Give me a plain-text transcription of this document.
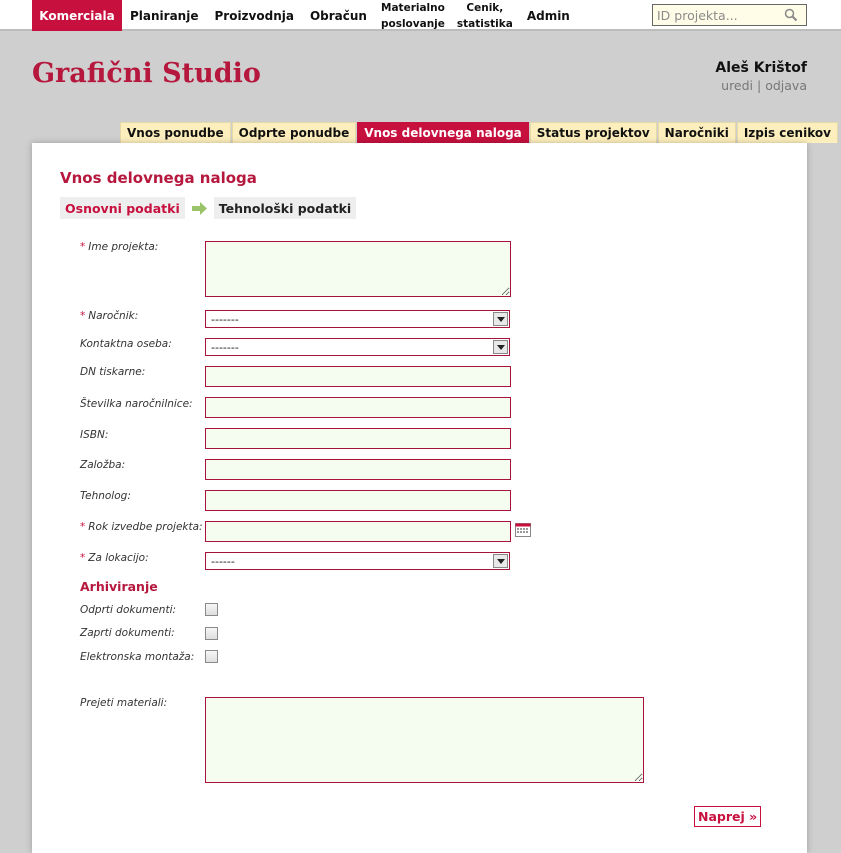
Komerciala	Planiranje	Proizvodnja	Obračun
Materialno
poslovanje
Cenik,
statistika
Admin
ID projekta...
Grafični Studio	Aleš Krištof
uredi | odjava
Vnos ponudbe	Odprte ponudbe	Vnos delovnega naloga	Status projektov	Naročniki	Izpis cenikov
Vnos delovnega naloga
Osnovni podatki	Tehnološki podatki
* Ime projekta:
* Naročnik:	-------
Kontaktna oseba:	-------
DN tiskarne:
Številka naročnilnice:
ISBN:
Založba:
Tehnolog:
* Rok izvedbe projekta:
* Za lokacijo:	------
Arhiviranje
Odprti dokumenti:
Zaprti dokumenti:
Elektronska montaža:
Prejeti materiali:
Naprej »
